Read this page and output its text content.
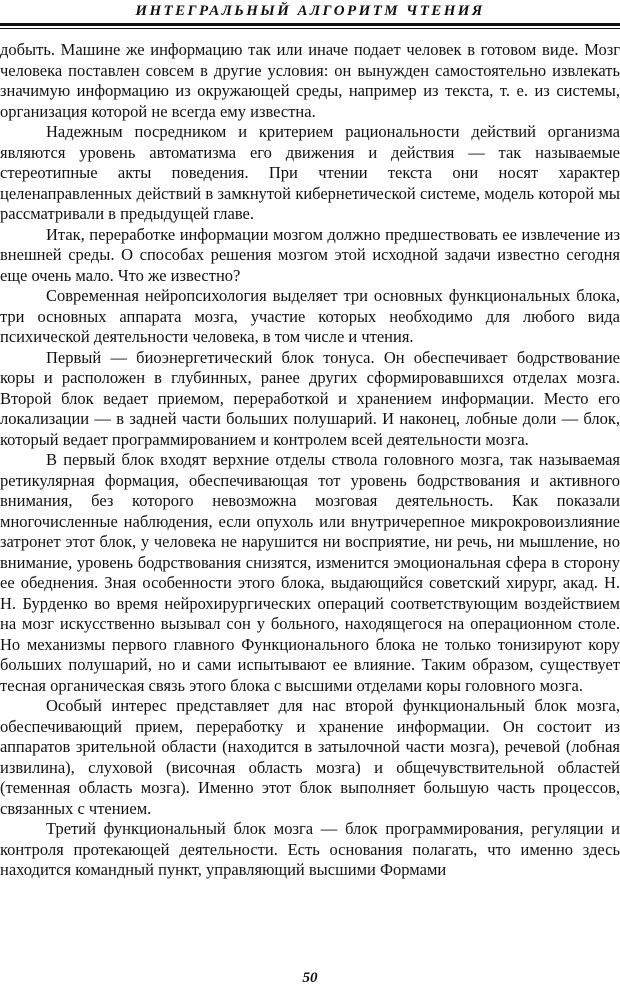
ИНТЕГРАЛЬНЫЙ АЛГОРИТМ ЧТЕНИЯ

добыть. Машине же информацию так или иначе подает человек в готовом виде. Мозг человека поставлен совсем в другие условия: он вынужден самостоятельно извлекать значимую информацию из окружающей среды, например из текста, т. е. из системы, организация которой не всегда ему известна.

Надежным посредником и критерием рациональности действий организма являются уровень автоматизма его движения и действия — так называемые стереотипные акты поведения. При чтении текста они носят характер целенаправленных действий в замкнутой кибернетической системе, модель которой мы рассматривали в предыдущей главе.

Итак, переработке информации мозгом должно предшествовать ее извлечение из внешней среды. О способах решения мозгом этой исходной задачи известно сегодня еще очень мало. Что же известно?

Современная нейропсихология выделяет три основных функциональных блока, три основных аппарата мозга, участие которых необходимо для любого вида психической деятельности человека, в том числе и чтения.

Первый — биоэнергетический блок тонуса. Он обеспечивает бодрствование коры и расположен в глубинных, ранее других сформировавшихся отделах мозга. Второй блок ведает приемом, переработкой и хранением информации. Место его локализации — в задней части больших полушарий. И наконец, лобные доли — блок, который ведает программированием и контролем всей деятельности мозга.

В первый блок входят верхние отделы ствола головного мозга, так называемая ретикулярная формация, обеспечивающая тот уровень бодрствования и активного внимания, без которого невозможна мозговая деятельность. Как показали многочисленные наблюдения, если опухоль или внутричерепное микрокровоизлияние затронет этот блок, у человека не нарушится ни восприятие, ни речь, ни мышление, но внимание, уровень бодрствования снизятся, изменится эмоциональная сфера в сторону ее обеднения. Зная особенности этого блока, выдающийся советский хирург, акад. Н. Н. Бурденко во время нейрохирургических операций соответствующим воздействием на мозг искусственно вызывал сон у больного, находящегося на операционном столе. Но механизмы первого главного Функционального блока не только тонизируют кору больших полушарий, но и сами испытывают ее влияние. Таким образом, существует тесная органическая связь этого блока с высшими отделами коры головного мозга.

Особый интерес представляет для нас второй функциональный блок мозга, обеспечивающий прием, переработку и хранение информации. Он состоит из аппаратов зрительной области (находится в затылочной части мозга), речевой (лобная извилина), слуховой (височная область мозга) и общечувствительной областей (теменная область мозга). Именно этот блок выполняет большую часть процессов, связанных с чтением.

Третий функциональный блок мозга — блок программирования, регуляции и контроля протекающей деятельности. Есть основания полагать, что именно здесь находится командный пункт, управляющий высшими Формами

50
